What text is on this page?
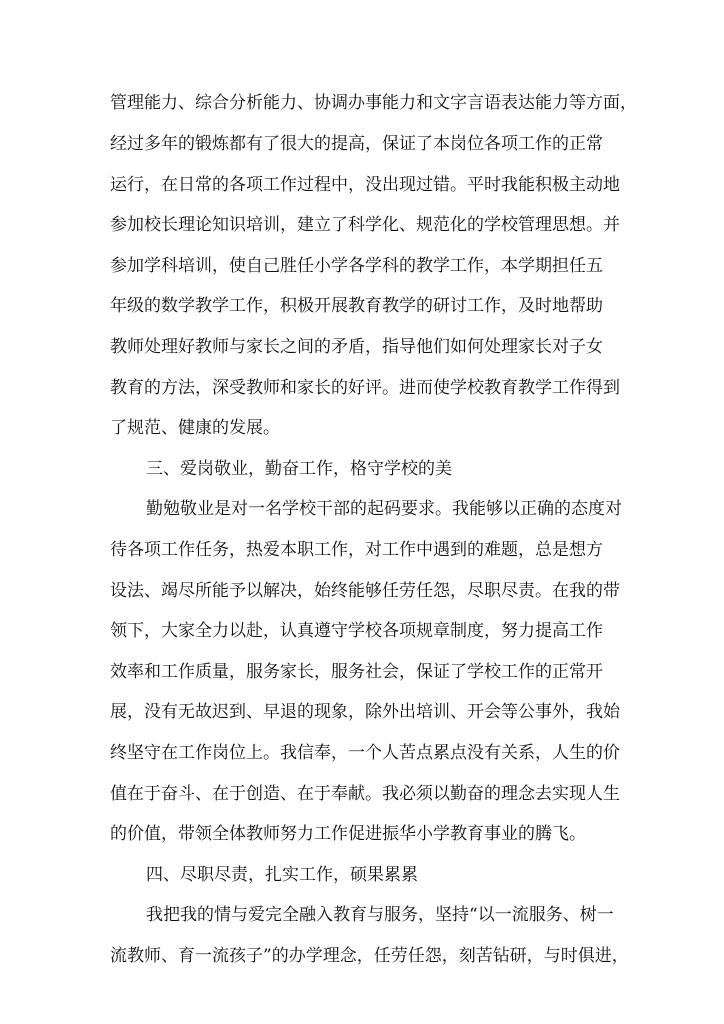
管理能力、综合分析能力、协调办事能力和文字言语表达能力等方面，
经过多年的锻炼都有了很大的提高，保证了本岗位各项工作的正常
运行，在日常的各项工作过程中，没出现过错。平时我能积极主动地
参加校长理论知识培训，建立了科学化、规范化的学校管理思想。并
参加学科培训，使自己胜任小学各学科的教学工作，本学期担任五
年级的数学教学工作，积极开展教育教学的研讨工作，及时地帮助
教师处理好教师与家长之间的矛盾，指导他们如何处理家长对子女
教育的方法，深受教师和家长的好评。进而使学校教育教学工作得到
了规范、健康的发展。
三、爱岗敬业，勤奋工作，格守学校的美
勤勉敬业是对一名学校干部的起码要求。我能够以正确的态度对
待各项工作任务，热爱本职工作，对工作中遇到的难题，总是想方
设法、竭尽所能予以解决，始终能够任劳任怨，尽职尽责。在我的带
领下，大家全力以赴，认真遵守学校各项规章制度，努力提高工作
效率和工作质量，服务家长，服务社会，保证了学校工作的正常开
展，没有无故迟到、早退的现象，除外出培训、开会等公事外，我始
终坚守在工作岗位上。我信奉，一个人苦点累点没有关系，人生的价
值在于奋斗、在于创造、在于奉献。我必须以勤奋的理念去实现人生
的价值，带领全体教师努力工作促进振华小学教育事业的腾飞。
四、尽职尽责，扎实工作，硕果累累
我把我的情与爱完全融入教育与服务，坚持“以一流服务、树一
流教师、育一流孩子”的办学理念，任劳任怨，刻苦钻研，与时俱进，
